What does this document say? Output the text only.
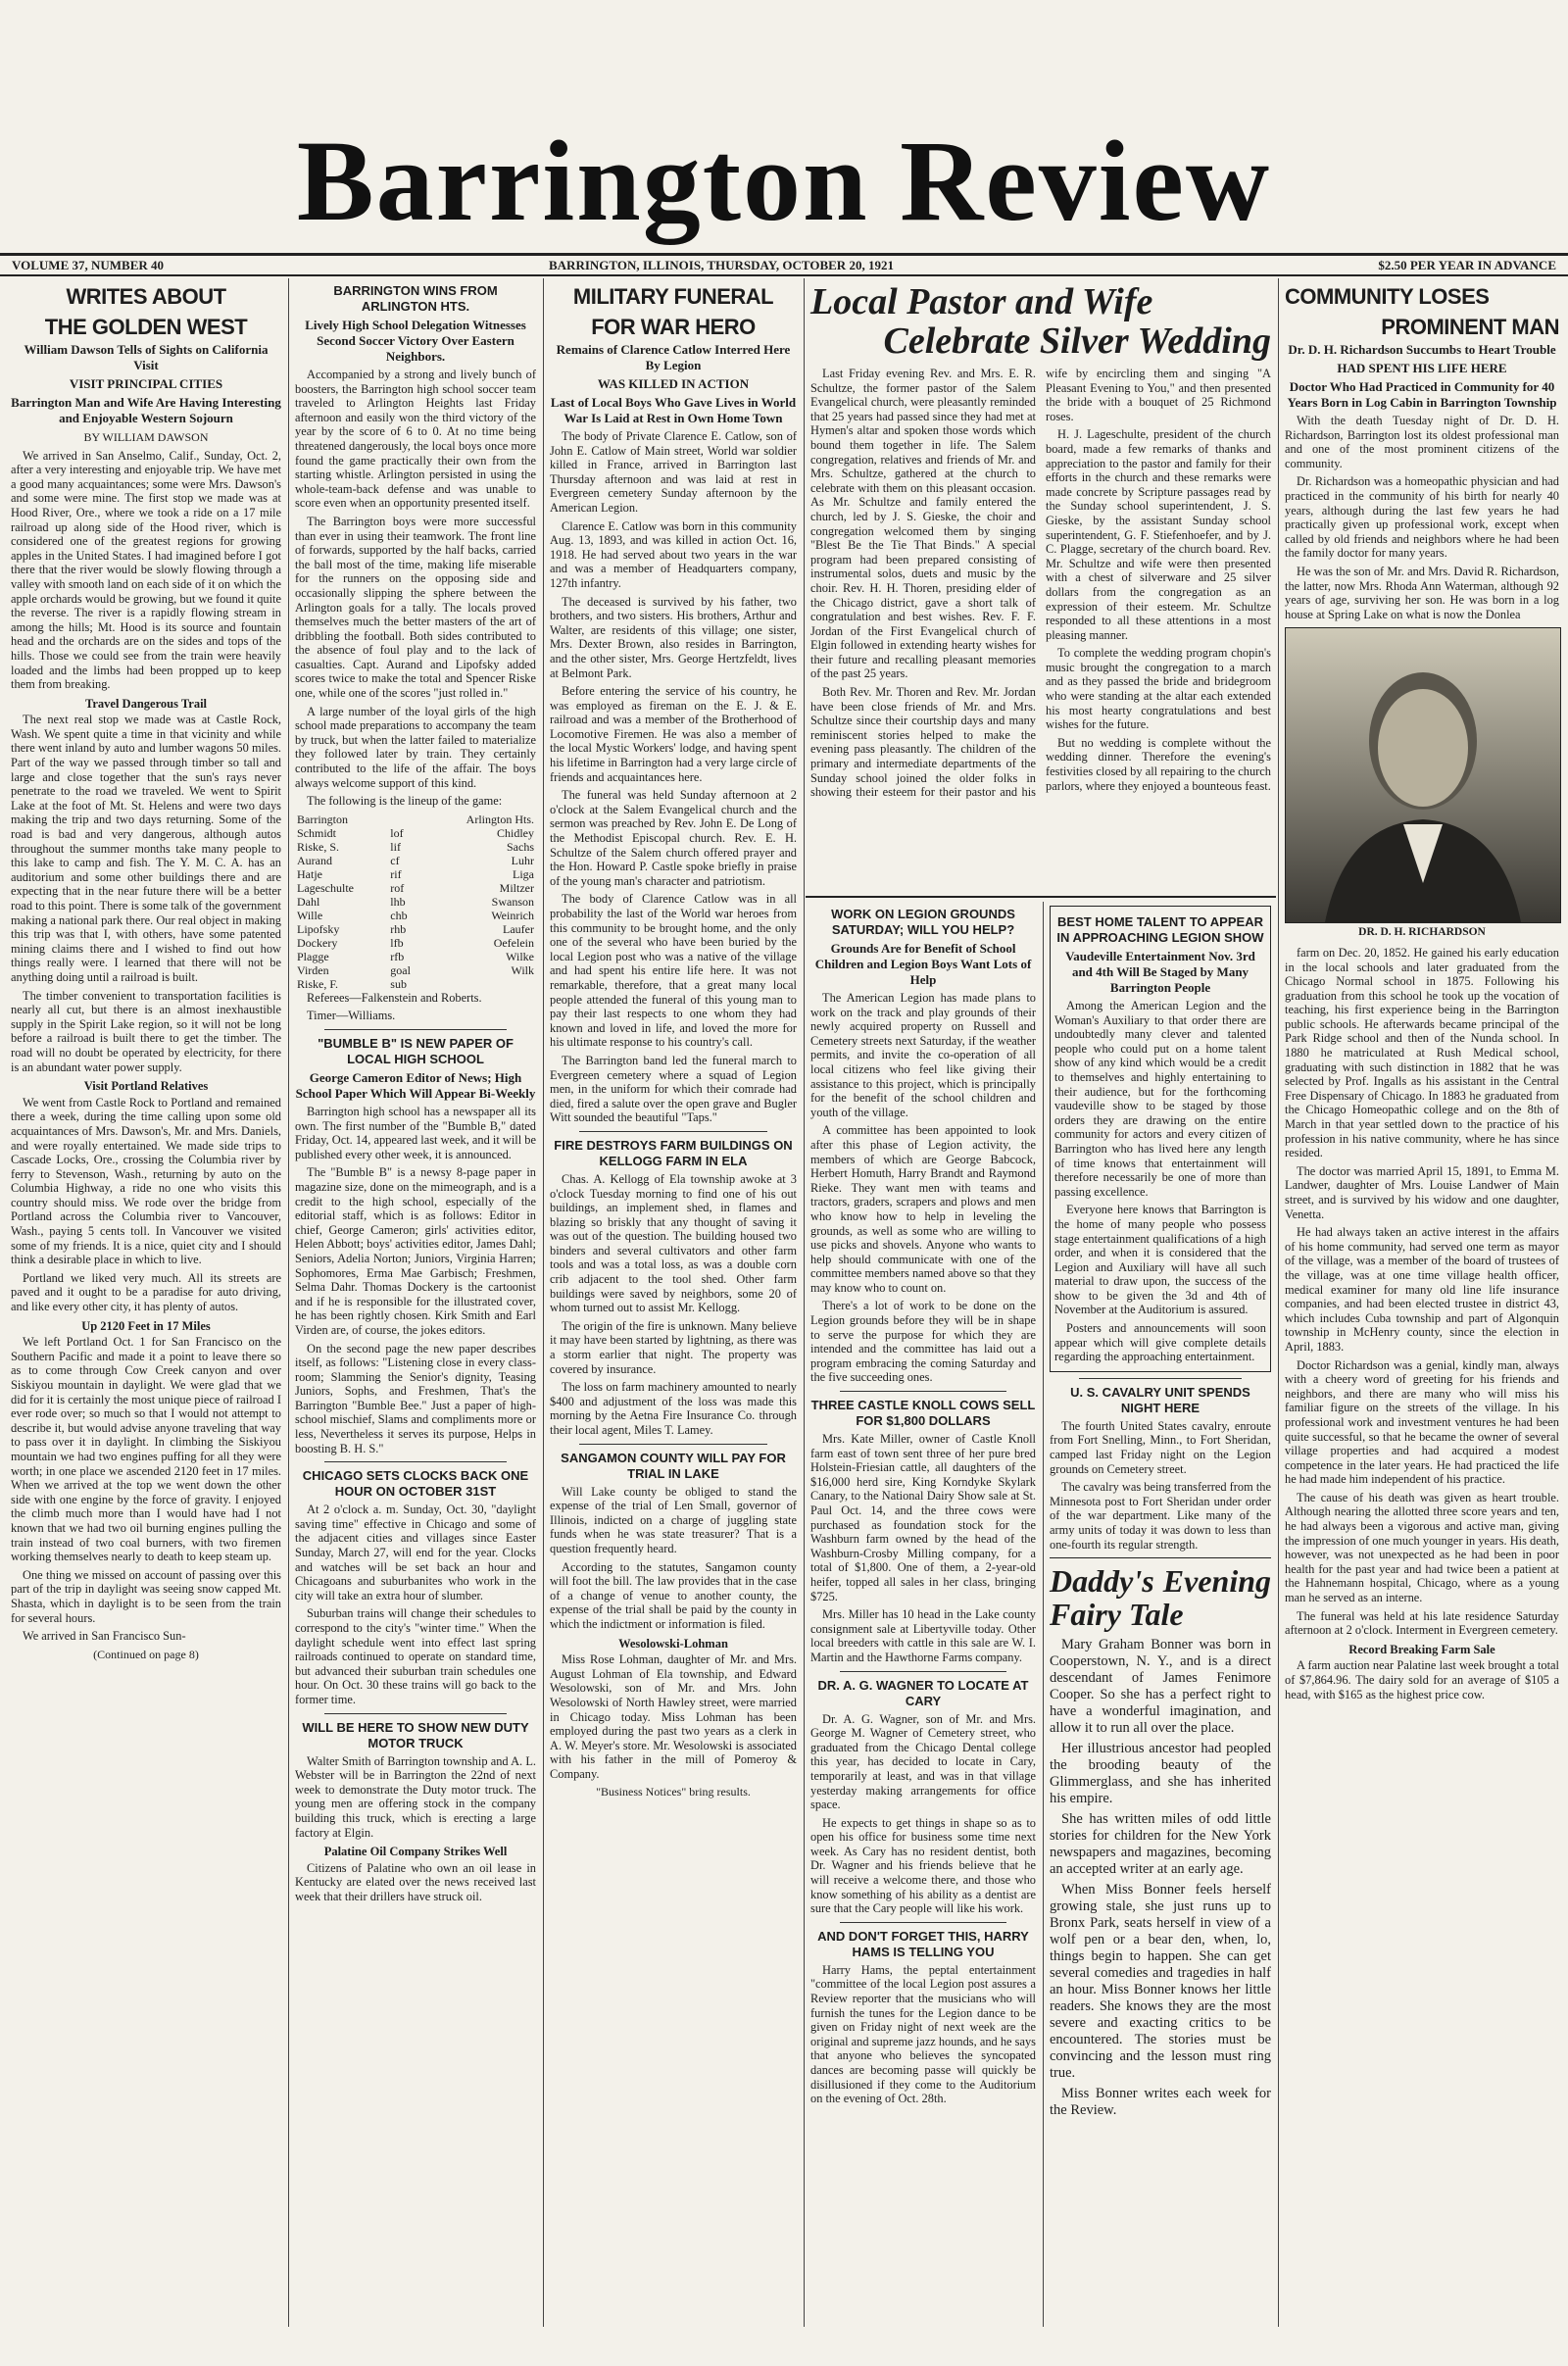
Barrington Review
VOLUME 37, NUMBER 40	BARRINGTON, ILLINOIS, THURSDAY, OCTOBER 20, 1921	$2.50 PER YEAR IN ADVANCE
WRITES ABOUT
THE GOLDEN WEST
William Dawson Tells of Sights on California Visit
VISIT PRINCIPAL CITIES
Barrington Man and Wife Are Having Interesting and Enjoyable Western Sojourn
BY WILLIAM DAWSON

We arrived in San Anselmo, Calif., Sunday, Oct. 2, after a very interesting and enjoyable trip. We have met a good many acquaintances; some were Mrs. Dawson's and some were mine. The first stop we made was at Hood River, Ore., where we took a ride on a 17 mile railroad up along side of the Hood river, which is considered one of the greatest regions for growing apples in the United States. I had imagined before I got there that the river would be slowly flowing through a valley with smooth land on each side of it on which the apple orchards would be growing, but we found it quite the reverse. The river is a rapidly flowing stream in among the hills; Mt. Hood is its source and fountain head and the orchards are on the sides and tops of the hills. Those we could see from the train were heavily loaded and the limbs had been propped up to keep them from breaking.

Travel Dangerous Trail

The next real stop we made was at Castle Rock, Wash. We spent quite a time in that vicinity and while there went inland by auto and lumber wagons 50 miles. Part of the way we passed through timber so tall and large and close together that the sun's rays never penetrate to the road we traveled. We went to Spirit Lake at the foot of Mt. St. Helens and were two days making the trip and two days returning. Some of the road is bad and very dangerous, although autos throughout the summer months take many people to this lake to camp and fish. The Y. M. C. A. has an auditorium and some other buildings there and are expecting that in the near future there will be a better road to this point. There is some talk of the government making a national park there. Our real object in making this trip was that I, with others, have some patented mining claims there and I wished to find out how things really were. I learned that there will not be anything doing until a railroad is built.

The timber convenient to transportation facilities is nearly all cut, but there is an almost inexhaustible supply in the Spirit Lake region, so it will not be long before a railroad is built there to get the timber. The road will no doubt be operated by electricity, for there is an abundant water power supply.

Visit Portland Relatives

We went from Castle Rock to Portland and remained there a week, during the time calling upon some old acquaintances of Mrs. Dawson's, Mr. and Mrs. Daniels, and were royally entertained. We made side trips to Cascade Locks, Ore., crossing the Columbia river by ferry to Stevenson, Wash., returning by auto on the Columbia Highway, a ride no one who visits this country should miss. We rode over the bridge from Portland across the Columbia river to Vancouver, Wash., paying 5 cents toll. In Vancouver we visited some of my friends. It is a nice, quiet city and I should think a desirable place in which to live.

Portland we liked very much. All its streets are paved and it ought to be a paradise for auto driving, and like every other city, it has plenty of autos.

Up 2120 Feet in 17 Miles

We left Portland Oct. 1 for San Francisco on the Southern Pacific and made it a point to leave there so as to come through Cow Creek canyon and over Siskiyou mountain in daylight. We were glad that we did for it is certainly the most unique piece of railroad I ever rode over; so much so that I would not attempt to describe it, but would advise anyone traveling that way to pass over it in daylight. In climbing the Siskiyou mountain we had two engines puffing for all they were worth; in one place we ascended 2120 feet in 17 miles. When we arrived at the top we went down the other side with one engine by the force of gravity. I enjoyed the climb much more than I would have had I not known that we had two oil burning engines pulling the train instead of two coal burners, with two firemen working themselves nearly to death to keep steam up.

One thing we missed on account of passing over this part of the trip in daylight was seeing snow capped Mt. Shasta, which in daylight is to be seen from the train for several hours.

We arrived in San Francisco Sun-

(Continued on page 8)
BARRINGTON WINS FROM ARLINGTON HTS.
Lively High School Delegation Witnesses Second Soccer Victory Over Eastern Neighbors.

Accompanied by a strong and lively bunch of boosters, the Barrington high school soccer team traveled to Arlington Heights last Friday afternoon and easily won the third victory of the year by the score of 6 to 0. At no time being threatened dangerously, the local boys once more found the game practically their own from the starting whistle. Arlington persisted in using the whole-team-back defense and was unable to score even when an opportunity presented itself.

The Barrington boys were more successful than ever in using their teamwork. The front line of forwards, supported by the half backs, carried the ball most of the time, making life miserable for the runners on the opposing side and occasionally slipping the sphere between the Arlington goals for a tally. The locals proved themselves much the better masters of the art of dribbling the football. Both sides contributed to the absence of foul play and to the lack of casualties. Capt. Aurand and Lipofsky added scores twice to make the total and Spencer Riske one, while one of the scores "just rolled in."

A large number of the loyal girls of the high school made preparations to accompany the team by truck, but when the latter failed to materialize they followed later by train. They certainly contributed to the life of the affair. The boys always welcome support of this kind.

The following is the lineup of the game:

Barrington		Arlington Hts.
Schmidt	lof	Chidley
Riske, S.	lif	Sachs
Aurand	cf	Luhr
Hatje	rif	Liga
Lageschulte	rof	Miltzer
Dahl	lhb	Swanson
Wille	chb	Weinrich
Lipofsky	rhb	Laufer
Dockery	lfb	Oefelein
Plagge	rfb	Wilke
Virden	goal	Wilk
Riske, F.	sub	

Referees—Falkenstein and Roberts.

Timer—Williams.

"BUMBLE B" IS NEW PAPER OF LOCAL HIGH SCHOOL
George Cameron Editor of News; High School Paper Which Will Appear Bi-Weekly

Barrington high school has a newspaper all its own. The first number of the "Bumble B," dated Friday, Oct. 14, appeared last week, and it will be published every other week, it is announced.

The "Bumble B" is a newsy 8-page paper in magazine size, done on the mimeograph, and is a credit to the high school, especially of the editorial staff, which is as follows: Editor in chief, George Cameron; girls' activities editor, Helen Abbott; boys' activities editor, James Dahl; Seniors, Adelia Norton; Juniors, Virginia Harren; Sophomores, Erma Mae Garbisch; Freshmen, Selma Dahr. Thomas Dockery is the cartoonist and if he is responsible for the illustrated cover, he has been rightly chosen. Kirk Smith and Earl Virden are, of course, the jokes editors.

On the second page the new paper describes itself, as follows: "Listening close in every class-room; Slamming the Senior's dignity, Teasing Juniors, Sophs, and Freshmen, That's the Barrington "Bumble Bee." Just a paper of high-school mischief, Slams and compliments more or less, Nevertheless it serves its purpose, Helps in boosting B. H. S."

CHICAGO SETS CLOCKS BACK ONE HOUR ON OCTOBER 31ST

At 2 o'clock a. m. Sunday, Oct. 30, "daylight saving time" effective in Chicago and some of the adjacent cities and villages since Easter Sunday, March 27, will end for the year. Clocks and watches will be set back an hour and Chicagoans and suburbanites who work in the city will take an extra hour of slumber.

Suburban trains will change their schedules to correspond to the city's "winter time." When the daylight schedule went into effect last spring railroads continued to operate on standard time, but advanced their suburban train schedules one hour. On Oct. 30 these trains will go back to the former time.

WILL BE HERE TO SHOW NEW DUTY MOTOR TRUCK

Walter Smith of Barrington township and A. L. Webster will be in Barrington the 22nd of next week to demonstrate the Duty motor truck. The young men are offering stock in the company building this truck, which is erecting a large factory at Elgin.

Palatine Oil Company Strikes Well

Citizens of Palatine who own an oil lease in Kentucky are elated over the news received last week that their drillers have struck oil.

MILITARY FUNERAL
FOR WAR HERO
Remains of Clarence Catlow Interred Here By Legion
WAS KILLED IN ACTION
Last of Local Boys Who Gave Lives in World War Is Laid at Rest in Own Home Town

The body of Private Clarence E. Catlow, son of John E. Catlow of Main street, World war soldier killed in France, arrived in Barrington last Thursday afternoon and was laid at rest in Evergreen cemetery Sunday afternoon by the American Legion.

Clarence E. Catlow was born in this community Aug. 13, 1893, and was killed in action Oct. 16, 1918. He had served about two years in the war and was a member of Headquarters company, 127th infantry.

The deceased is survived by his father, two brothers, and two sisters. His brothers, Arthur and Walter, are residents of this village; one sister, Mrs. Dexter Brown, also resides in Barrington, and the other sister, Mrs. George Hertzfeldt, lives at Belmont Park.

Before entering the service of his country, he was employed as fireman on the E. J. & E. railroad and was a member of the Brotherhood of Locomotive Firemen. He was also a member of the local Mystic Workers' lodge, and having spent his lifetime in Barrington had a very large circle of friends and acquaintances here.

The funeral was held Sunday afternoon at 2 o'clock at the Salem Evangelical church and the sermon was preached by Rev. John E. De Long of the Methodist Episcopal church. Rev. E. H. Schultze of the Salem church offered prayer and the Hon. Howard P. Castle spoke briefly in praise of the young man's character and patriotism.

The body of Clarence Catlow was in all probability the last of the World war heroes from this community to be brought home, and the only one of the several who have been buried by the local Legion post who was a native of the village and had spent his entire life here. It was not remarkable, therefore, that a great many local people attended the funeral of this young man to pay their last respects to one whom they had known and loved in life, and loved the more for his ultimate response to his country's call.

The Barrington band led the funeral march to Evergreen cemetery where a squad of Legion men, in the uniform for which their comrade had died, fired a salute over the open grave and Bugler Witt sounded the beautiful "Taps."

FIRE DESTROYS FARM BUILDINGS ON KELLOGG FARM IN ELA

Chas. A. Kellogg of Ela township awoke at 3 o'clock Tuesday morning to find one of his out buildings, an implement shed, in flames and blazing so briskly that any thought of saving it was out of the question. The building housed two binders and several cultivators and other farm tools and was a total loss, as was a double corn crib adjacent to the tool shed. Other farm buildings were saved by neighbors, some 20 of whom turned out to assist Mr. Kellogg.

The origin of the fire is unknown. Many believe it may have been started by lightning, as there was a storm earlier that night. The property was covered by insurance.

The loss on farm machinery amounted to nearly $400 and adjustment of the loss was made this morning by the Aetna Fire Insurance Co. through their local agent, Miles T. Lamey.

SANGAMON COUNTY WILL PAY FOR TRIAL IN LAKE

Will Lake county be obliged to stand the expense of the trial of Len Small, governor of Illinois, indicted on a charge of juggling state funds when he was state treasurer? That is a question frequently heard.

According to the statutes, Sangamon county will foot the bill. The law provides that in the case of a change of venue to another county, the expense of the trial shall be paid by the county in which the indictment or information is filed.

Wesolowski-Lohman

Miss Rose Lohman, daughter of Mr. and Mrs. August Lohman of Ela township, and Edward Wesolowski, son of Mr. and Mrs. John Wesolowski of North Hawley street, were married in Chicago today. Miss Lohman has been employed during the past two years as a clerk in A. W. Meyer's store. Mr. Wesolowski is associated with his father in the mill of Pomeroy & Company.

"Business Notices" bring results.
Local Pastor and Wife
Celebrate Silver Wedding

Last Friday evening Rev. and Mrs. E. R. Schultze, the former pastor of the Salem Evangelical church, were pleasantly reminded that 25 years had passed since they had met at Hymen's altar and spoken those words which bound them together in life. The Salem congregation, relatives and friends of Mr. and Mrs. Schultze, gathered at the church to celebrate with them on this pleasant occasion. As Mr. Schultze and family entered the church, led by J. S. Gieske, the choir and congregation welcomed them by singing "Blest Be the Tie That Binds." A special program had been prepared consisting of instrumental solos, duets and music by the choir. Rev. H. H. Thoren, presiding elder of the Chicago district, gave a short talk of congratulation and best wishes. Rev. F. F. Jordan of the First Evangelical church of Elgin followed in extending hearty wishes for their future and recalling pleasant memories of the past 25 years.

Both Rev. Mr. Thoren and Rev. Mr. Jordan have been close friends of Mr. and Mrs. Schultze since their courtship days and many reminiscent stories helped to make the evening pass pleasantly. The children of the primary and intermediate departments of the Sunday school joined the older folks in showing their esteem for their pastor and his wife by encircling them and singing "A Pleasant Evening to You," and then presented the bride with a bouquet of 25 Richmond roses.

H. J. Lageschulte, president of the church board, made a few remarks of thanks and appreciation to the pastor and family for their efforts in the church and these remarks were made concrete by Scripture passages read by the Sunday school superintendent, J. S. Gieske, by the assistant Sunday school superintendent, G. F. Stiefenhoefer, and by J. C. Plagge, secretary of the church board. Rev. Mr. Schultze and wife were then presented with a chest of silverware and 25 silver dollars from the congregation as an expression of their esteem. Mr. Schultze responded to all these attentions in a most pleasing manner.

To complete the wedding program chopin's music brought the congregation to a march and as they passed the bride and bridegroom who were standing at the altar each extended his most hearty congratulations and best wishes for the future.

But no wedding is complete without the wedding dinner. Therefore the evening's festivities closed by all repairing to the church parlors, where they enjoyed a bounteous feast.

WORK ON LEGION GROUNDS SATURDAY; WILL YOU HELP?
Grounds Are for Benefit of School Children and Legion Boys Want Lots of Help

The American Legion has made plans to work on the track and play grounds of their newly acquired property on Russell and Cemetery streets next Saturday, if the weather permits, and invite the co-operation of all local citizens who feel like giving their assistance to this project, which is principally for the benefit of the school children and youth of the village.

A committee has been appointed to look after this phase of Legion activity, the members of which are George Babcock, Herbert Homuth, Harry Brandt and Raymond Rieke. They want men with teams and tractors, graders, scrapers and plows and men who know how to help in leveling the grounds, as well as some who are willing to use picks and shovels. Anyone who wants to help should communicate with one of the committee members named above so that they may know who to count on.

There's a lot of work to be done on the Legion grounds before they will be in shape to serve the purpose for which they are intended and the committee has laid out a program embracing the coming Saturday and the five succeeding ones.

THREE CASTLE KNOLL COWS SELL FOR $1,800 DOLLARS

Mrs. Kate Miller, owner of Castle Knoll farm east of town sent three of her pure bred Holstein-Friesian cattle, all daughters of the $16,000 herd sire, King Korndyke Skylark Canary, to the National Dairy Show sale at St. Paul Oct. 14, and the three cows were purchased as foundation stock for the Washburn farm owned by the head of the Washburn-Crosby Milling company, for a total of $1,800. One of them, a 2-year-old heifer, topped all sales in her class, bringing $725.

Mrs. Miller has 10 head in the Lake county consignment sale at Libertyville today. Other local breeders with cattle in this sale are W. I. Martin and the Hawthorne Farms company.

DR. A. G. WAGNER TO LOCATE AT CARY

Dr. A. G. Wagner, son of Mr. and Mrs. George M. Wagner of Cemetery street, who graduated from the Chicago Dental college this year, has decided to locate in Cary, temporarily at least, and was in that village yesterday making arrangements for office space.

He expects to get things in shape so as to open his office for business some time next week. As Cary has no resident dentist, both Dr. Wagner and his friends believe that he will receive a welcome there, and those who know something of his ability as a dentist are sure that the Cary people will like his work.

AND DON'T FORGET THIS, HARRY HAMS IS TELLING YOU

Harry Hams, the peptal entertainment "committee of the local Legion post assures a Review reporter that the musicians who will furnish the tunes for the Legion dance to be given on Friday night of next week are the original and supreme jazz hounds, and he says that anyone who believes the syncopated dances are becoming passe will quickly be disillusioned if they come to the Auditorium on the evening of Oct. 28th.

BEST HOME TALENT TO APPEAR IN APPROACHING LEGION SHOW
Vaudeville Entertainment Nov. 3rd and 4th Will Be Staged by Many Barrington People

Among the American Legion and the Woman's Auxiliary to that order there are undoubtedly many clever and talented people who could put on a home talent show of any kind which would be a credit to themselves and highly entertaining to their audience, but for the forthcoming vaudeville show to be staged by those orders they are drawing on the entire community for actors and every citizen of Barrington who has lived here any length of time knows that entertainment will therefore necessarily be one of more than passing excellence.

Everyone here knows that Barrington is the home of many people who possess stage entertainment qualifications of a high order, and when it is considered that the Legion and Auxiliary will have all such material to draw upon, the success of the show to be given the 3d and 4th of November at the Auditorium is assured.

Posters and announcements will soon appear which will give complete details regarding the approaching entertainment.

U. S. CAVALRY UNIT SPENDS NIGHT HERE

The fourth United States cavalry, enroute from Fort Snelling, Minn., to Fort Sheridan, camped last Friday night on the Legion grounds on Cemetery street.

The cavalry was being transferred from the Minnesota post to Fort Sheridan under order of the war department. Like many of the army units of today it was down to less than one-fourth its regular strength.

Daddy's Evening Fairy Tale

Mary Graham Bonner was born in Cooperstown, N. Y., and is a direct descendant of James Fenimore Cooper. So she has a perfect right to have a wonderful imagination, and allow it to run all over the place.

Her illustrious ancestor had peopled the brooding beauty of the Glimmerglass, and she has inherited his empire.

She has written miles of odd little stories for children for the New York newspapers and magazines, becoming an accepted writer at an early age.

When Miss Bonner feels herself growing stale, she just runs up to Bronx Park, seats herself in view of a wolf pen or a bear den, when, lo, things begin to happen. She can get several comedies and tragedies in half an hour. Miss Bonner knows her little readers. She knows they are the most severe and exacting critics to be encountered. The stories must be convincing and the lesson must ring true.

Miss Bonner writes each week for the Review.

COMMUNITY LOSES
PROMINENT MAN
Dr. D. H. Richardson Succumbs to Heart Trouble
HAD SPENT HIS LIFE HERE
Doctor Who Had Practiced in Community for 40 Years Born in Log Cabin in Barrington Township

With the death Tuesday night of Dr. D. H. Richardson, Barrington lost its oldest professional man and one of the most prominent citizens of the community.

Dr. Richardson was a homeopathic physician and had practiced in the community of his birth for nearly 40 years, although during the last few years he had practically given up professional work, except when called by old friends and neighbors where he had been the family doctor for many years.

He was the son of Mr. and Mrs. David R. Richardson, the latter, now Mrs. Rhoda Ann Waterman, although 92 years of age, surviving her son. He was born in a log house at Spring Lake on what is now the Donlea

DR. D. H. RICHARDSON

farm on Dec. 20, 1852. He gained his early education in the local schools and later graduated from the Chicago Normal school in 1875. Following his graduation from this school he took up the vocation of teaching, his first experience being in the Barrington public schools. He afterwards became principal of the Park Ridge school and then of the Nunda school. In 1880 he matriculated at Rush Medical school, graduating with such distinction in 1882 that he was selected by Prof. Ingalls as his assistant in the Central Free Dispensary of Chicago. In 1883 he graduated from the Chicago Homeopathic college and on the 8th of March in that year settled down to the practice of his profession in his native community, where he has since resided.

The doctor was married April 15, 1891, to Emma M. Landwer, daughter of Mrs. Louise Landwer of Main street, and is survived by his widow and one daughter, Venetta.

He had always taken an active interest in the affairs of his home community, had served one term as mayor of the village, was a member of the board of trustees of the village, was at one time village health officer, medical examiner for many old line life insurance companies, and had been elected trustee in district 43, which includes Cuba township and part of Algonquin township in McHenry county, since the election in April, 1883.

Doctor Richardson was a genial, kindly man, always with a cheery word of greeting for his friends and neighbors, and there are many who will miss his familiar figure on the streets of the village. In his professional work and investment ventures he had been quite successful, so that he became the owner of several village properties and had acquired a modest competence in the later years. He had practiced the life he had made him independent of his practice.

The cause of his death was given as heart trouble. Although nearing the allotted three score years and ten, he had always been a vigorous and active man, giving the impression of one much younger in years. His death, however, was not unexpected as he had been in poor health for the past year and had twice been a patient at the Hahnemann hospital, Chicago, where as a young man he served as an interne.

The funeral was held at his late residence Saturday afternoon at 2 o'clock. Interment in Evergreen cemetery.

Record Breaking Farm Sale

A farm auction near Palatine last week brought a total of $7,864.96. The dairy sold for an average of $105 a head, with $165 as the highest price cow.
